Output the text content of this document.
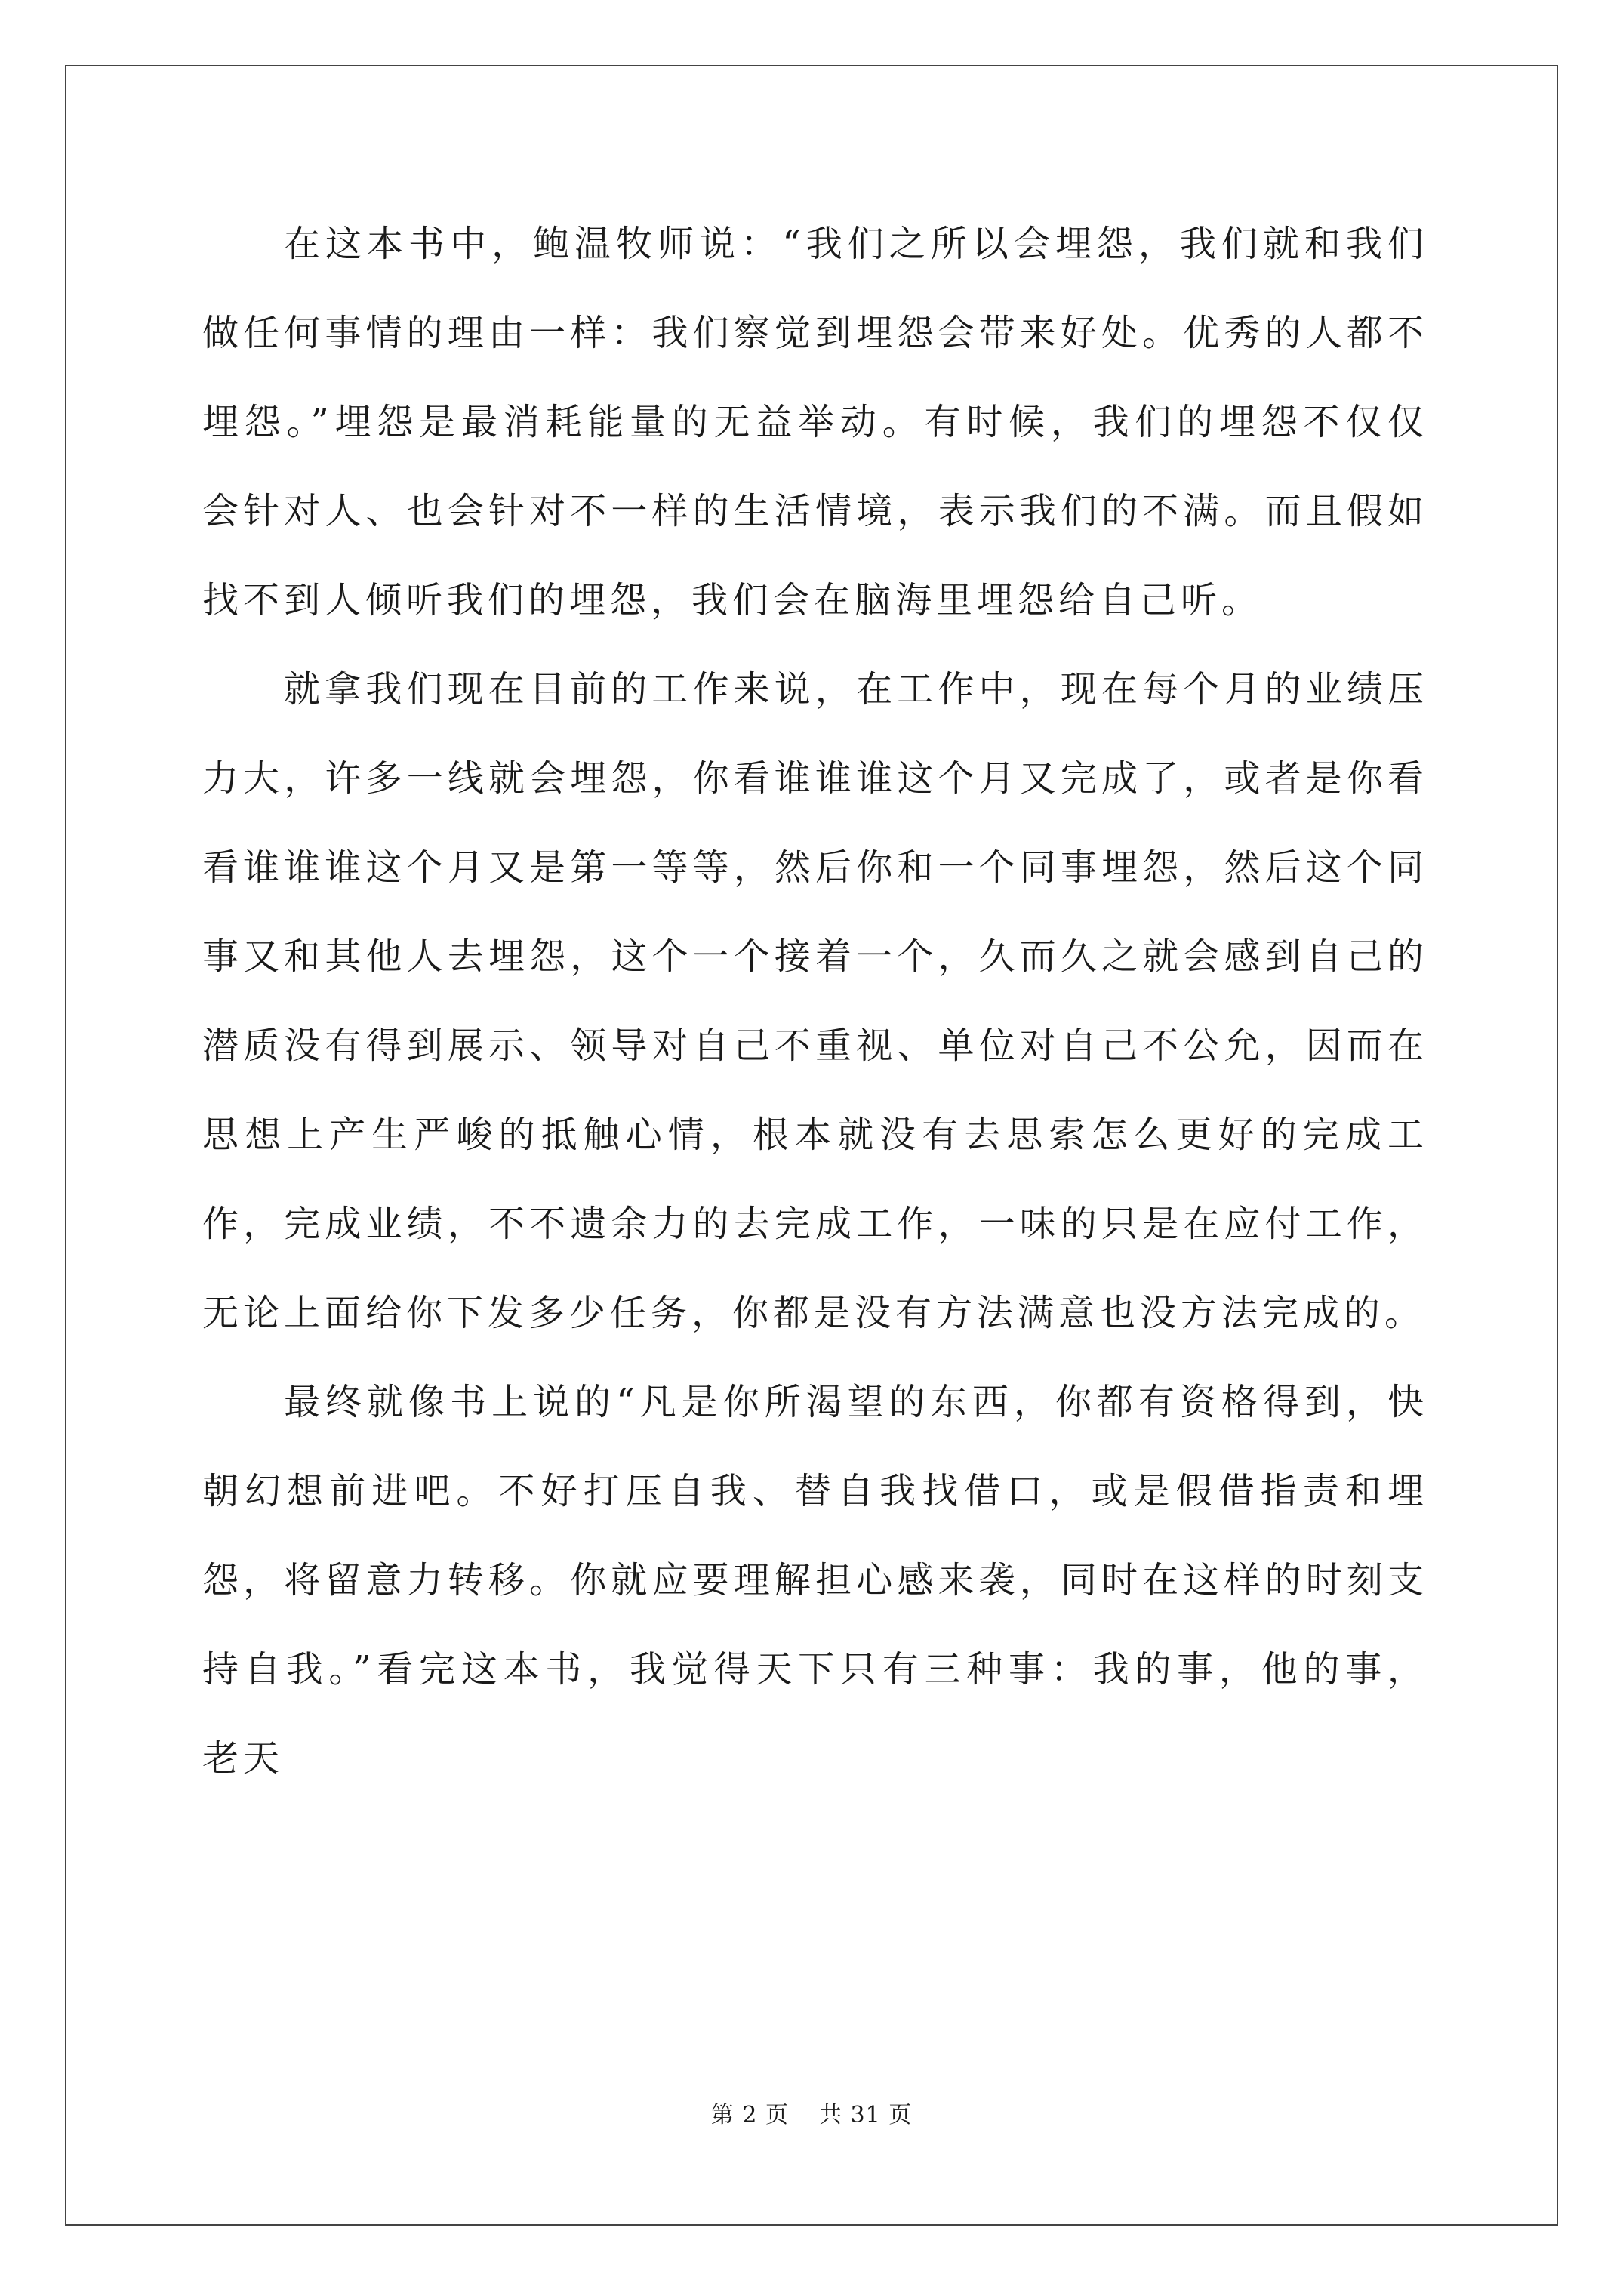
在这本书中，鲍温牧师说：“我们之所以会埋怨，我们就和我们做任何事情的理由一样：我们察觉到埋怨会带来好处。优秀的人都不埋怨。”埋怨是最消耗能量的无益举动。有时候，我们的埋怨不仅仅会针对人、也会针对不一样的生活情境，表示我们的不满。而且假如找不到人倾听我们的埋怨，我们会在脑海里埋怨给自己听。

就拿我们现在目前的工作来说，在工作中，现在每个月的业绩压力大，许多一线就会埋怨，你看谁谁谁这个月又完成了，或者是你看看谁谁谁这个月又是第一等等，然后你和一个同事埋怨，然后这个同事又和其他人去埋怨，这个一个接着一个，久而久之就会感到自己的潜质没有得到展示、领导对自己不重视、单位对自己不公允，因而在思想上产生严峻的抵触心情，根本就没有去思索怎么更好的完成工作，完成业绩，不不遗余力的去完成工作，一味的只是在应付工作，无论上面给你下发多少任务，你都是没有方法满意也没方法完成的。

最终就像书上说的“凡是你所渴望的东西，你都有资格得到，快朝幻想前进吧。不好打压自我、替自我找借口，或是假借指责和埋怨，将留意力转移。你就应要理解担心感来袭，同时在这样的时刻支持自我。”看完这本书，我觉得天下只有三种事：我的事，他的事，老天

第 2 页 共 31 页
